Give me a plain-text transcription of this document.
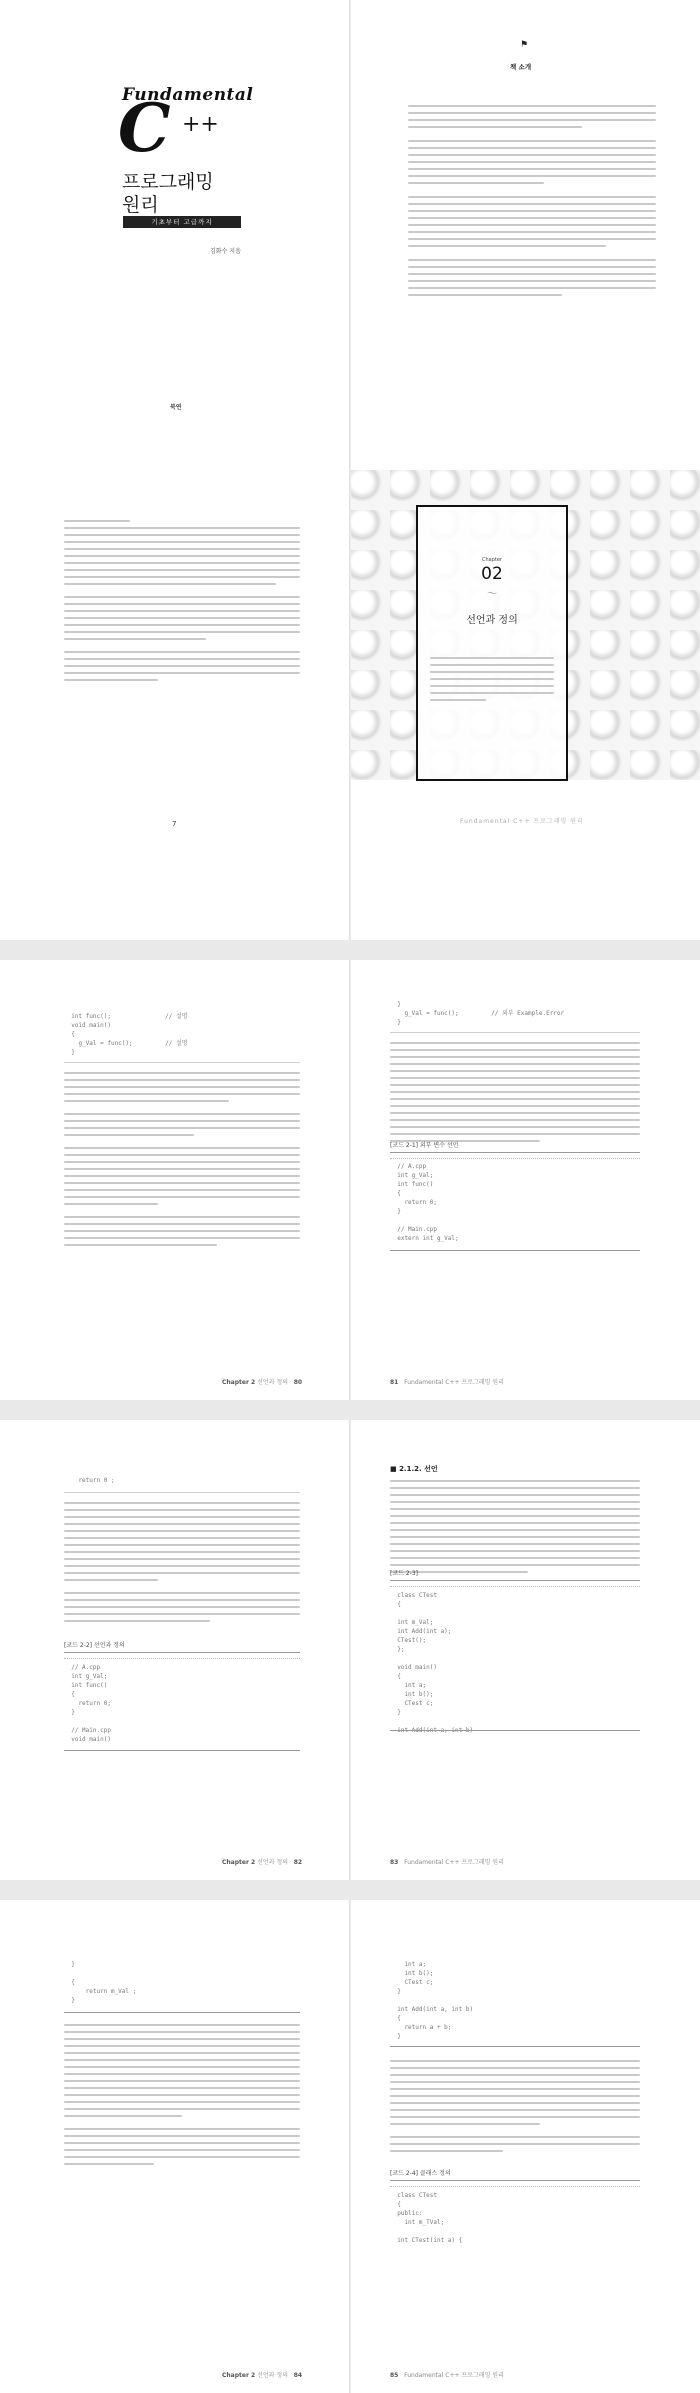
Fundamental
C ++
프로그래밍
원리
기초부터 고급까지
김화수 지음
북연
⚑
책 소개

7
Chapter
02
〜
선언과 정의
Fundamental C++ 프로그래밍 원리
int func();               // 설명
void main()
{
g_Val = func();         // 설명
}
Chapter 2 선언과 정의 80
}
g_Val = func();         // 외부 Example.Error
}
[코드 2-1] 외부 변수 선언
// A.cpp
int g_Val;
int func()
{
return 0;
}

// Main.cpp
extern int g_Val;
81 Fundamental C++ 프로그래밍 원리
return 0 ;
[코드 2-2] 선언과 정의
// A.cpp
int g_Val;
int func()
{
return 0;
}

// Main.cpp
void main()
Chapter 2 선언과 정의 82
■ 2.1.2. 선언
[코드 2-3]
class CTest
{

int m_Val;
int Add(int a);
CTest();
};

void main()
{
int a;
int b();
CTest c;
}

83 Fundamental C++ 프로그래밍 원리
}

{
return m_Val ;
}
Chapter 2 선언과 정의 84
int a;
int b();
CTest c;
}

int Add(int a, int b)
{
return a + b;
}
[코드 2-4] 클래스 정의
class CTest
{
public:
int m_TVal;

int CTest(int a) {
85 Fundamental C++ 프로그래밍 원리
